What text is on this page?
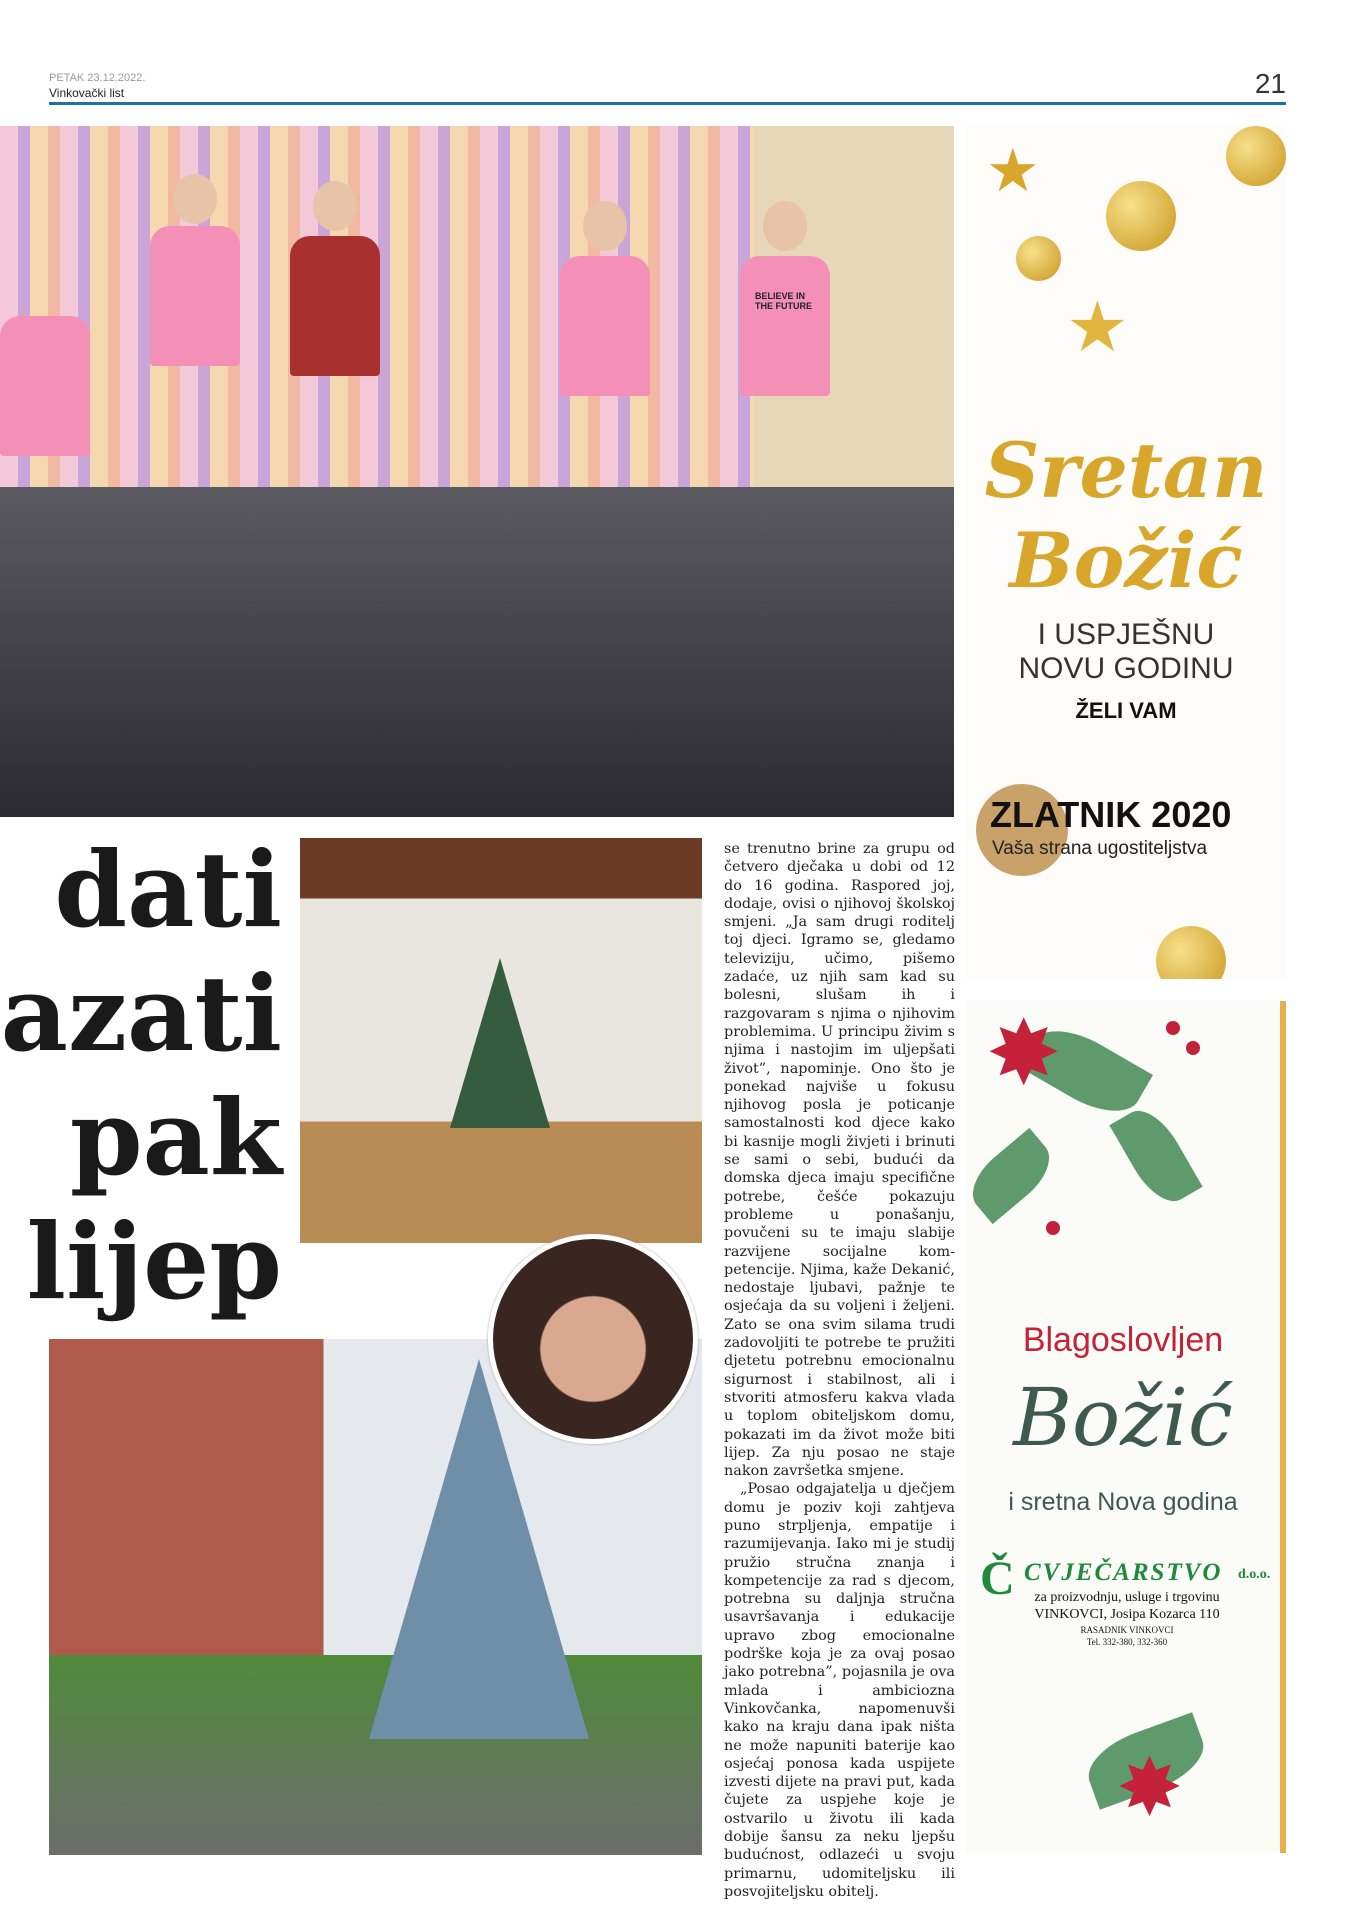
PETAK 23.12.2022.
Vinkovački list	21
BELIEVE IN THE FUTURE
dati
azati
pak
lijep

se trenutno brine za grupu od četvero dječaka u dobi od 12 do 16 godina. Raspored joj, dodaje, ovisi o njihovoj školskoj smjeni. „Ja sam drugi roditelj toj djeci. Igramo se, gledamo televiziju, učimo, pišemo zadaće, uz njih sam kad su bolesni, slušam ih i razgovaram s njima o njihovim problemima. U principu živim s njima i nastojim im uljepšati život”, napominje. Ono što je ponekad najviše u fokusu njihovog posla je poticanje samostalnosti kod djece kako bi kasnije mogli živjeti i brinuti se sami o sebi, budući da domska djeca imaju specifične potrebe, češće pokazuju probleme u ponašanju, povučeni su te imaju slabije razvijene socijalne kompetencije. Njima, kaže Dekanić, nedostaje ljubavi, pažnje te osjećaja da su voljeni i željeni. Zato se ona svim silama trudi zadovoljiti te potrebe te pružiti djetetu potrebnu emocionalnu sigurnost i stabilnost, ali i stvoriti atmosferu kakva vlada u toplom obiteljskom domu, pokazati im da život može biti lijep. Za nju posao ne staje nakon završetka smjene.

„Posao odgajatelja u dječjem domu je poziv koji zahtjeva puno strpljenja, empatije i razumijevanja. Iako mi je studij pružio stručna znanja i kompetencije za rad s djecom, potrebna su daljnja stručna usavršavanja i edukacije upravo zbog emocionalne podrške koja je za ovaj posao jako potrebna”, pojasnila je ova mlada i ambiciozna Vinkovčanka, napomenuvši kako na kraju dana ipak ništa ne može napuniti baterije kao osjećaj ponosa kada uspijete izvesti dijete na pravi put, kada čujete za uspjehe koje je ostvarilo u životu ili kada dobije šansu za neku ljepšu budućnost, odlazeći u svoju primarnu, udomiteljsku ili posvojiteljsku obitelj.

★
★
Sretan
Božić
I USPJEŠNU
NOVU GODINU
ŽELI VAM
ZLATNIK 2020
Vaša strana ugostiteljstva
✸
✸
Blagoslovljen
Božić
i sretna Nova godina
Č CVJEČARSTVO d.o.o.
za proizvodnju, usluge i trgovinu
VINKOVCI, Josipa Kozarca 110
RASADNIK VINKOVCI
Tel. 332-380, 332-360
